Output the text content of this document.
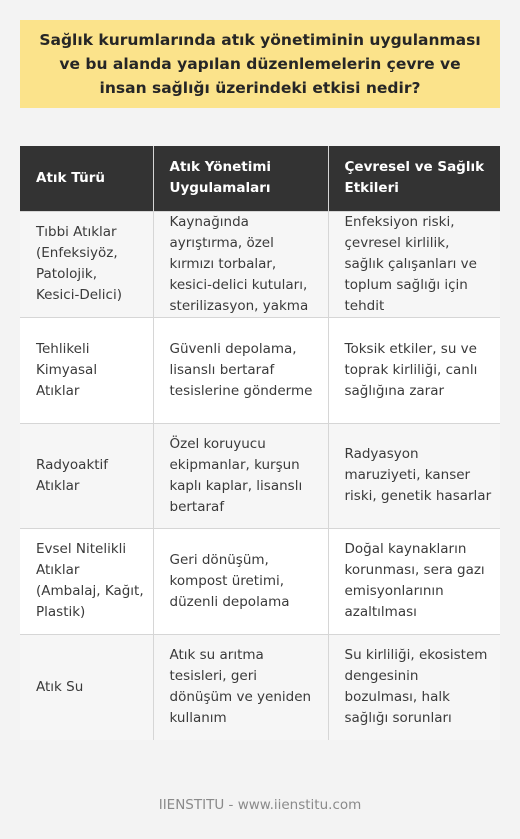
Sağlık kurumlarında atık yönetiminin uygulanması ve bu alanda yapılan düzenlemelerin çevre ve insan sağlığı üzerindeki etkisi nedir?
Atık Türü	Atık Yönetimi Uygulamaları	Çevresel ve Sağlık Etkileri
Tıbbi Atıklar (Enfeksiyöz, Patolojik, Kesici-Delici)	Kaynağında ayrıştırma, özel kırmızı torbalar, kesici-delici kutuları, sterilizasyon, yakma	Enfeksiyon riski, çevresel kirlilik, sağlık çalışanları ve toplum sağlığı için tehdit
Tehlikeli Kimyasal Atıklar	Güvenli depolama, lisanslı bertaraf tesislerine gönderme	Toksik etkiler, su ve toprak kirliliği, canlı sağlığına zarar
Radyoaktif Atıklar	Özel koruyucu ekipmanlar, kurşun kaplı kaplar, lisanslı bertaraf	Radyasyon maruziyeti, kanser riski, genetik hasarlar
Evsel Nitelikli Atıklar (Ambalaj, Kağıt, Plastik)	Geri dönüşüm, kompost üretimi, düzenli depolama	Doğal kaynakların korunması, sera gazı emisyonlarının azaltılması
Atık Su	Atık su arıtma tesisleri, geri dönüşüm ve yeniden kullanım	Su kirliliği, ekosistem dengesinin bozulması, halk sağlığı sorunları
IIENSTITU - www.iienstitu.com
